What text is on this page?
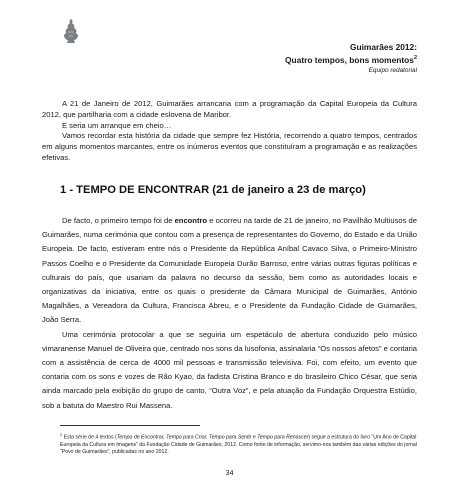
Guimarães 2012:
Quatro tempos, bons momentos$^2$
Equipo redatorial

A 21 de Janeiro de 2012, Guimarães arrancaria com a programação da Capital Europeia da Cultura 2012, que partilharia com a cidade eslovena de Maribor.

E seria um arranque em cheio…

Vamos recordar esta história da cidade que sempre fez História, recorrendo a quatro tempos, centrados em alguns momentos marcantes, entre os inúmeros eventos que constituíram a programação e as realizações efetivas.

1 - TEMPO DE ENCONTRAR (21 de janeiro a 23 de março)

De facto, o primeiro tempo foi de encontro e ocorreu na tarde de 21 de janeiro, no Pavilhão Multiusos de Guimarães, numa cerimónia que contou com a presença de representantes do Governo, do Estado e da União Europeia. De facto, estiveram entre nós o Presidente da República Aníbal Cavaco Silva, o Primeiro-Ministro Passos Coelho e o Presidente da Comunidade Europeia Durão Barroso, entre várias outras figuras políticas e culturais do país, que usariam da palavra no decurso da sessão, bem como as autoridades locais e organizativas da iniciativa, entre os quais o presidente da Câmara Municipal de Guimarães, António Magalhães, a Vereadora da Cultura, Francisca Abreu, e o Presidente da Fundação Cidade de Guimarães, João Serra.

Uma cerimónia protocolar a que se seguiria um espetáculo de abertura conduzido pelo músico vimaranense Manuel de Oliveira que, centrado nos sons da lusofonia, assinalaria “Os nossos afetos” e contaria com a assistência de cerca de 4000 mil pessoas e transmissão televisiva. Foi, com efeito, um evento que contaria com os sons e vozes de Rão Kyao, da fadista Cristina Branco e do brasileiro Chico César, que seria ainda marcado pela exibição do grupo de canto, “Outra Voz”, e pela atuação da Fundação Orquestra Estúdio, sob a batuta do Maestro Rui Massena.

$^2$ Esta série de 4 textos (Tempo de Encontrar, Tempo para Criar, Tempo para Sentir e Tempo para Renascer) segue a estrutura do livro “Um Ano de Capital Europeia da Cultura em Imagens” da Fundação Cidade de Guimarães, 2012. Como fonte de informação, servimo-nos também das várias edições do jornal “Povo de Guimarães”, publicadas no ano 2012.
34
